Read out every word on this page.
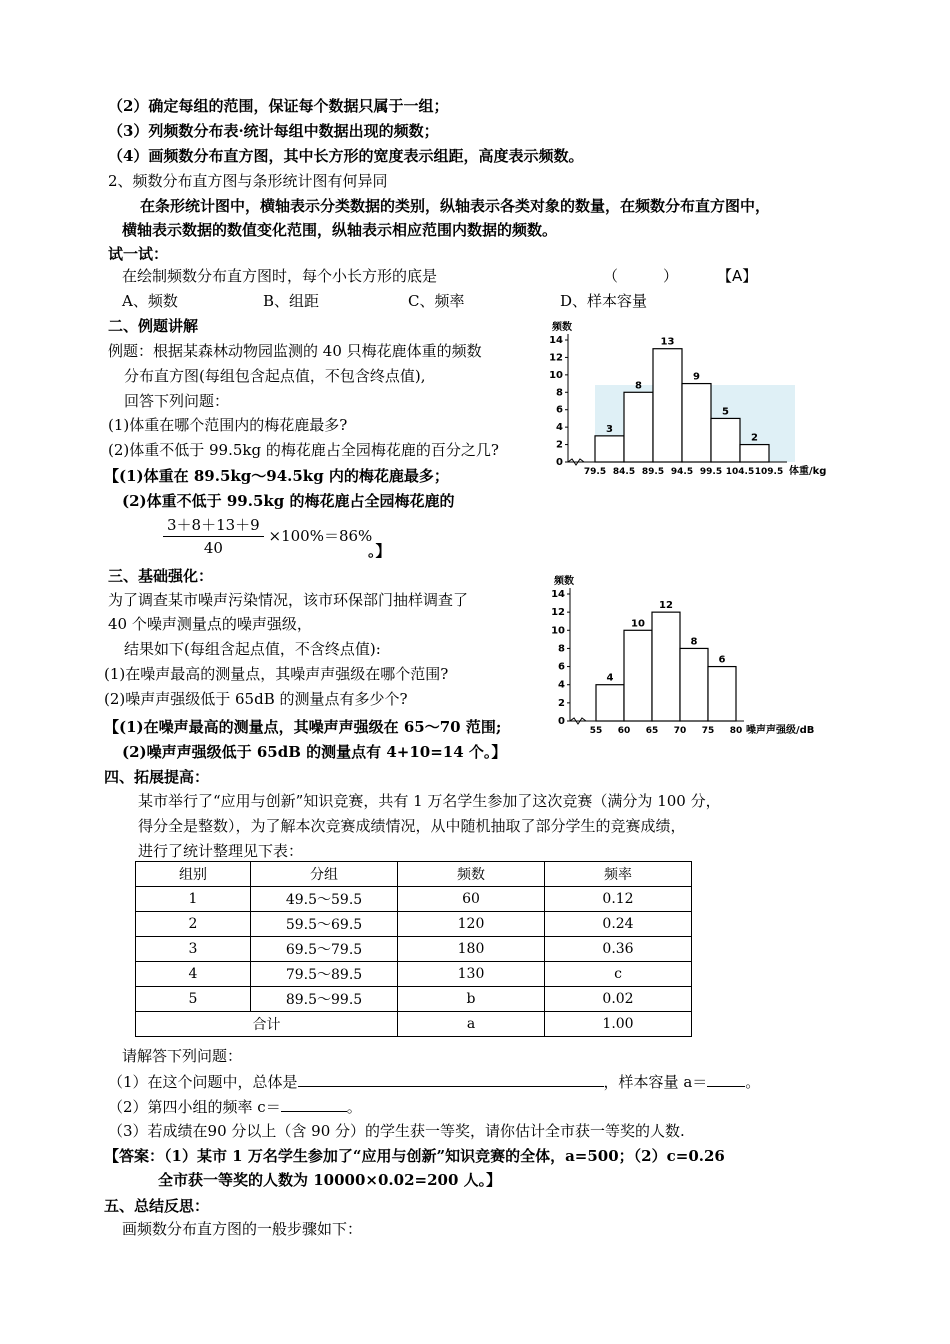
（2）确定每组的范围，保证每个数据只属于一组；
（3）列频数分布表·统计每组中数据出现的频数；
（4）画频数分布直方图，其中长方形的宽度表示组距，高度表示频数。
2、频数分布直方图与条形统计图有何异同
在条形统计图中，横轴表示分类数据的类别，纵轴表示各类对象的数量，在频数分布直方图中，
横轴表示数据的数值变化范围，纵轴表示相应范围内数据的频数。
试一试：
在绘制频数分布直方图时，每个小长方形的底是	（　　　）	【A】
A、频数	B、组距	C、频率	D、样本容量
二、例题讲解
例题：根据某森林动物园监测的 40 只梅花鹿体重的频数
分布直方图(每组包含起点值，不包含终点值),
回答下列问题：
(1)体重在哪个范围内的梅花鹿最多?
(2)体重不低于 99.5kg 的梅花鹿占全园梅花鹿的百分之几?
【(1)体重在 89.5kg～94.5kg 内的梅花鹿最多；
(2)体重不低于 99.5kg 的梅花鹿占全园梅花鹿的
$\frac{3+8+13+9}{40} \times 100\%=86\%$
。】
频数
0
2
4
6
8
10
12
14
79.5 84.5 89.5 94.5 99.5 104.5 109.5 体重/kg
3
8
13
9
5
2
三、基础强化：
为了调查某市噪声污染情况，该市环保部门抽样调查了
40 个噪声测量点的噪声强级，
结果如下(每组含起点值，不含终点值):
(1)在噪声最高的测量点，其噪声声强级在哪个范围?
(2)噪声声强级低于 65dB 的测量点有多少个?
【(1)在噪声最高的测量点，其噪声声强级在 65～70 范围;
(2)噪声声强级低于 65dB 的测量点有 4+10=14 个。】
频数
0
2
4
6
8
10
12
14
55 60 65 70 75 80 噪声声强级/dB
4
10
12
8
6
四、拓展提高：
某市举行了“应用与创新”知识竞赛，共有 1 万名学生参加了这次竞赛（满分为 100 分，
得分全是整数），为了解本次竞赛成绩情况，从中随机抽取了部分学生的竞赛成绩，
进行了统计整理见下表：
组别	分组	频数	频率
1	49.5～59.5	60	0.12
2	59.5～69.5	120	0.24
3	69.5～79.5	180	0.36
4	79.5～89.5	130	c
5	89.5～99.5	b	0.02
合计		a	1.00
请解答下列问题：
（1）在这个问题中，总体是	，样本容量 a＝	。
（2）第四小组的频率 c＝	。
（3）若成绩在90 分以上（含 90 分）的学生获一等奖，请你估计全市获一等奖的人数.
【答案：（1）某市 1 万名学生参加了“应用与创新”知识竞赛的全体，a=500；（2）c=0.26
全市获一等奖的人数为 10000×0.02=200 人。】
五、总结反思：
画频数分布直方图的一般步骤如下：
